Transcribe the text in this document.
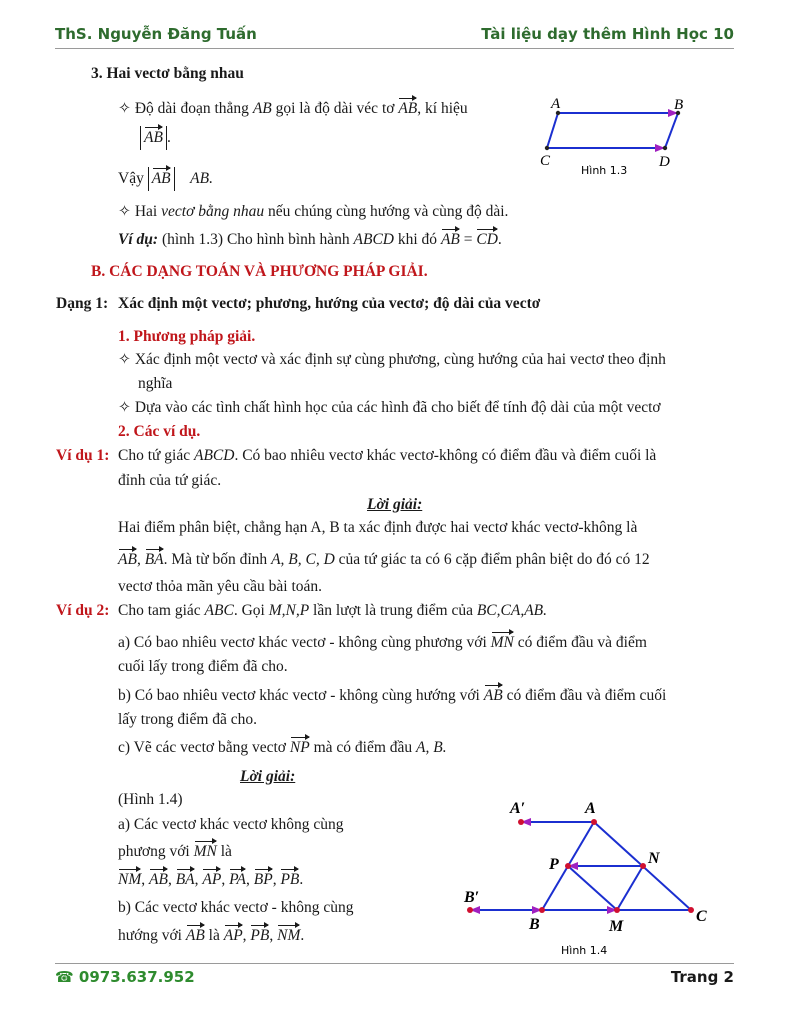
ThS. Nguyễn Đăng Tuấn	Tài liệu dạy thêm Hình Học 10
3. Hai vectơ bằng nhau
✧ Độ dài đoạn thẳng AB gọi là độ dài véc tơ AB, kí hiệu
AB .
Vậy AB AB.
✧ Hai vectơ bằng nhau nếu chúng cùng hướng và cùng độ dài.
Ví dụ: (hình 1.3) Cho hình bình hành ABCD khi đó AB = CD.
A	B
C	D
Hình 1.3
B. CÁC DẠNG TOÁN VÀ PHƯƠNG PHÁP GIẢI.
Dạng 1: Xác định một vectơ; phương, hướng của vectơ; độ dài của vectơ
1. Phương pháp giải.
✧ Xác định một vectơ và xác định sự cùng phương, cùng hướng của hai vectơ theo định
nghĩa
✧ Dựa vào các tình chất hình học của các hình đã cho biết để tính độ dài của một vectơ
2. Các ví dụ.
Ví dụ 1: Cho tứ giác ABCD. Có bao nhiêu vectơ khác vectơ-không có điểm đầu và điểm cuối là
đỉnh của tứ giác.
Lời giải:
Hai điểm phân biệt, chẳng hạn A, B ta xác định được hai vectơ khác vectơ-không là
AB, BA. Mà từ bốn đỉnh A, B, C, D của tứ giác ta có 6 cặp điểm phân biệt do đó có 12
vectơ thỏa mãn yêu cầu bài toán.
Ví dụ 2: Cho tam giác ABC. Gọi M,N,P lần lượt là trung điểm của BC,CA,AB.
a) Có bao nhiêu vectơ khác vectơ - không cùng phương với MN có điểm đầu và điểm
cuối lấy trong điểm đã cho.
b) Có bao nhiêu vectơ khác vectơ - không cùng hướng với AB có điểm đầu và điểm cuối
lấy trong điểm đã cho.
c) Vẽ các vectơ bằng vectơ NP mà có điểm đầu A, B.
Lời giải:
(Hình 1.4)
a) Các vectơ khác vectơ không cùng
phương với MN là
NM, AB, BA, AP, PA, BP, PB.
b) Các vectơ khác vectơ - không cùng
hướng với AB là AP, PB, NM.
A′	A
P	N
B′
B	M
C
Hình 1.4
☎ 0973.637.952	Trang 2
